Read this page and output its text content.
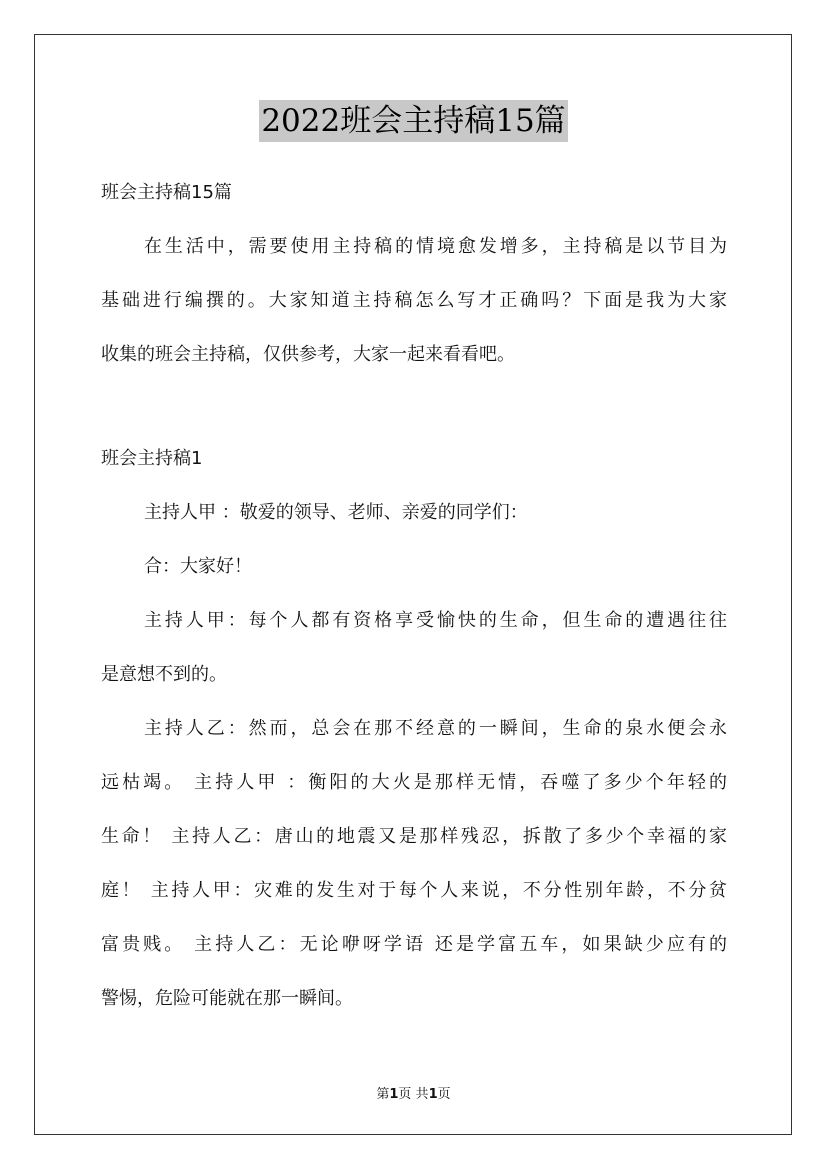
2022班会主持稿15篇
班会主持稿15篇
在生活中，需要使用主持稿的情境愈发增多，主持稿是以节目为
基础进行编撰的。大家知道主持稿怎么写才正确吗？下面是我为大家
收集的班会主持稿，仅供参考，大家一起来看看吧。
班会主持稿1
主持人甲 ：敬爱的领导、老师、亲爱的同学们：
合：大家好！
主持人甲：每个人都有资格享受愉快的生命，但生命的遭遇往往
是意想不到的。
主持人乙：然而，总会在那不经意的一瞬间，生命的泉水便会永
远枯竭。 主持人甲 ：衡阳的大火是那样无情，吞噬了多少个年轻的
生命！ 主持人乙：唐山的地震又是那样残忍，拆散了多少个幸福的家
庭！ 主持人甲：灾难的发生对于每个人来说，不分性别年龄，不分贫
富贵贱。 主持人乙：无论咿呀学语 还是学富五车，如果缺少应有的
警惕，危险可能就在那一瞬间。
第1页 共1页
